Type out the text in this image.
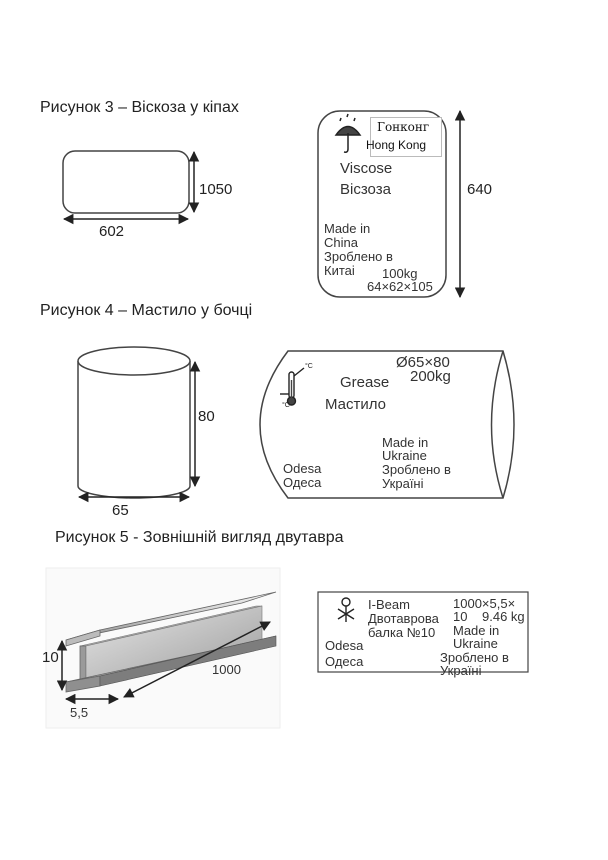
°C
°C
Рисунок 3 – Віскоза у кіпах
1050
602
Гонконг
Hong Kong
Viscose
Вісзоза
Made in
China
Зроблено в
Китаі 100kg
64×62×105
640
Рисунок 4 – Мастило у бочці
80
65
Ø65×80
200kg
Grease
Мастило
Made in
Ukraine
Зроблено в
Україні
Odesa
Одеса
Рисунок 5 - Зовнішній вигляд двутавра
10
1000
5,5
I-Beam
Двотаврова
балка №10
1000×5,5×
10 9.46 kg
Made in
Ukraine
Зроблено в
Україні
Odesa
Одеса
